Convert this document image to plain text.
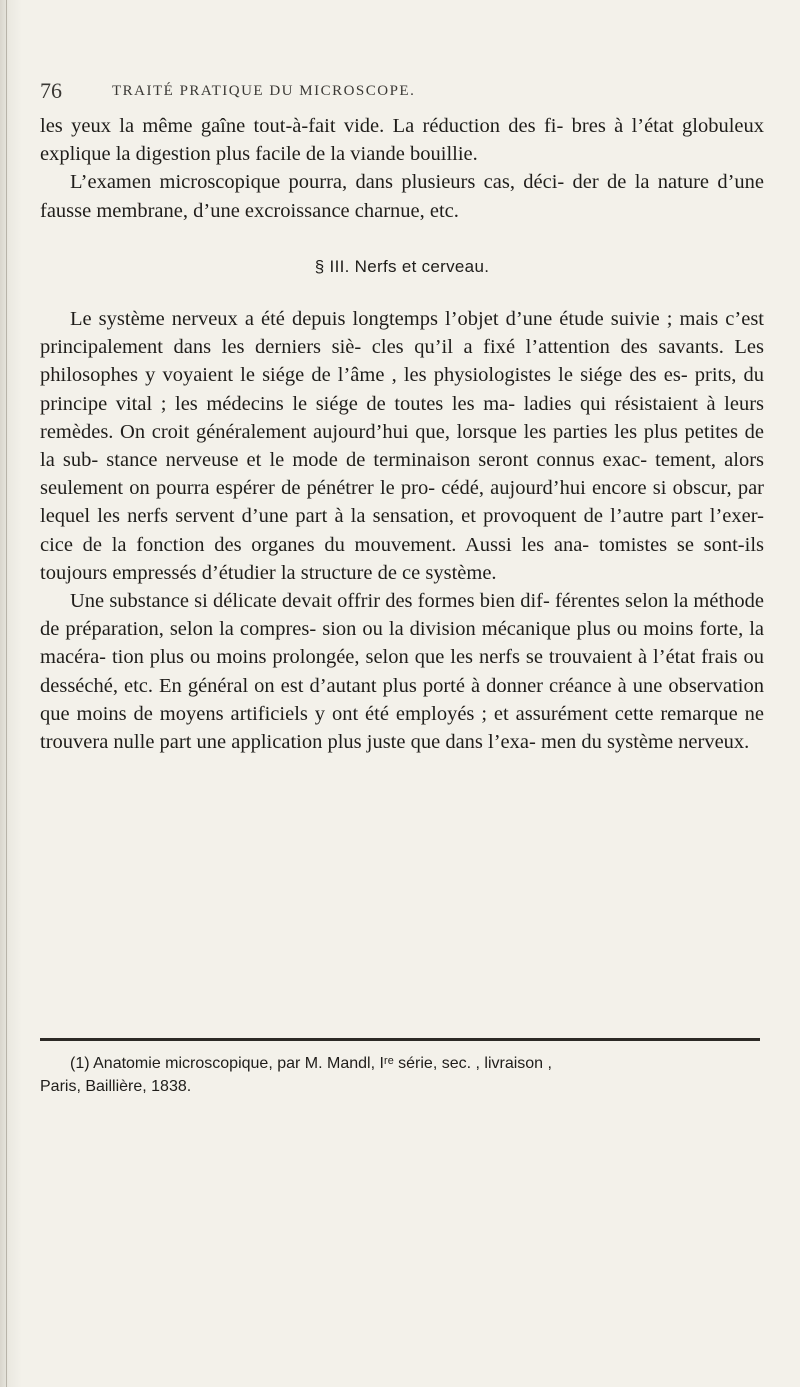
76	TRAITÉ PRATIQUE DU MICROSCOPE.

les yeux la même gaîne tout-à-fait vide. La réduction des fi- bres à l’état globuleux explique la digestion plus facile de la viande bouillie.

L’examen microscopique pourra, dans plusieurs cas, déci- der de la nature d’une fausse membrane, d’une excroissance charnue, etc.

§ III. Nerfs et cerveau.

Le système nerveux a été depuis longtemps l’objet d’une étude suivie ; mais c’est principalement dans les derniers siè- cles qu’il a fixé l’attention des savants. Les philosophes y voyaient le siége de l’âme , les physiologistes le siége des es- prits, du principe vital ; les médecins le siége de toutes les ma- ladies qui résistaient à leurs remèdes. On croit généralement aujourd’hui que, lorsque les parties les plus petites de la sub- stance nerveuse et le mode de terminaison seront connus exac- tement, alors seulement on pourra espérer de pénétrer le pro- cédé, aujourd’hui encore si obscur, par lequel les nerfs servent d’une part à la sensation, et provoquent de l’autre part l’exer- cice de la fonction des organes du mouvement. Aussi les ana- tomistes se sont-ils toujours empressés d’étudier la structure de ce système.

Une substance si délicate devait offrir des formes bien dif- férentes selon la méthode de préparation, selon la compres- sion ou la division mécanique plus ou moins forte, la macéra- tion plus ou moins prolongée, selon que les nerfs se trouvaient à l’état frais ou desséché, etc. En général on est d’autant plus porté à donner créance à une observation que moins de moyens artificiels y ont été employés ; et assurément cette remarque ne trouvera nulle part une application plus juste que dans l’exa- men du système nerveux.

(1) Anatomie microscopique, par M. Mandl, Iʳᵉ série, sec. , livraison ,
Paris, Baillière, 1838.
